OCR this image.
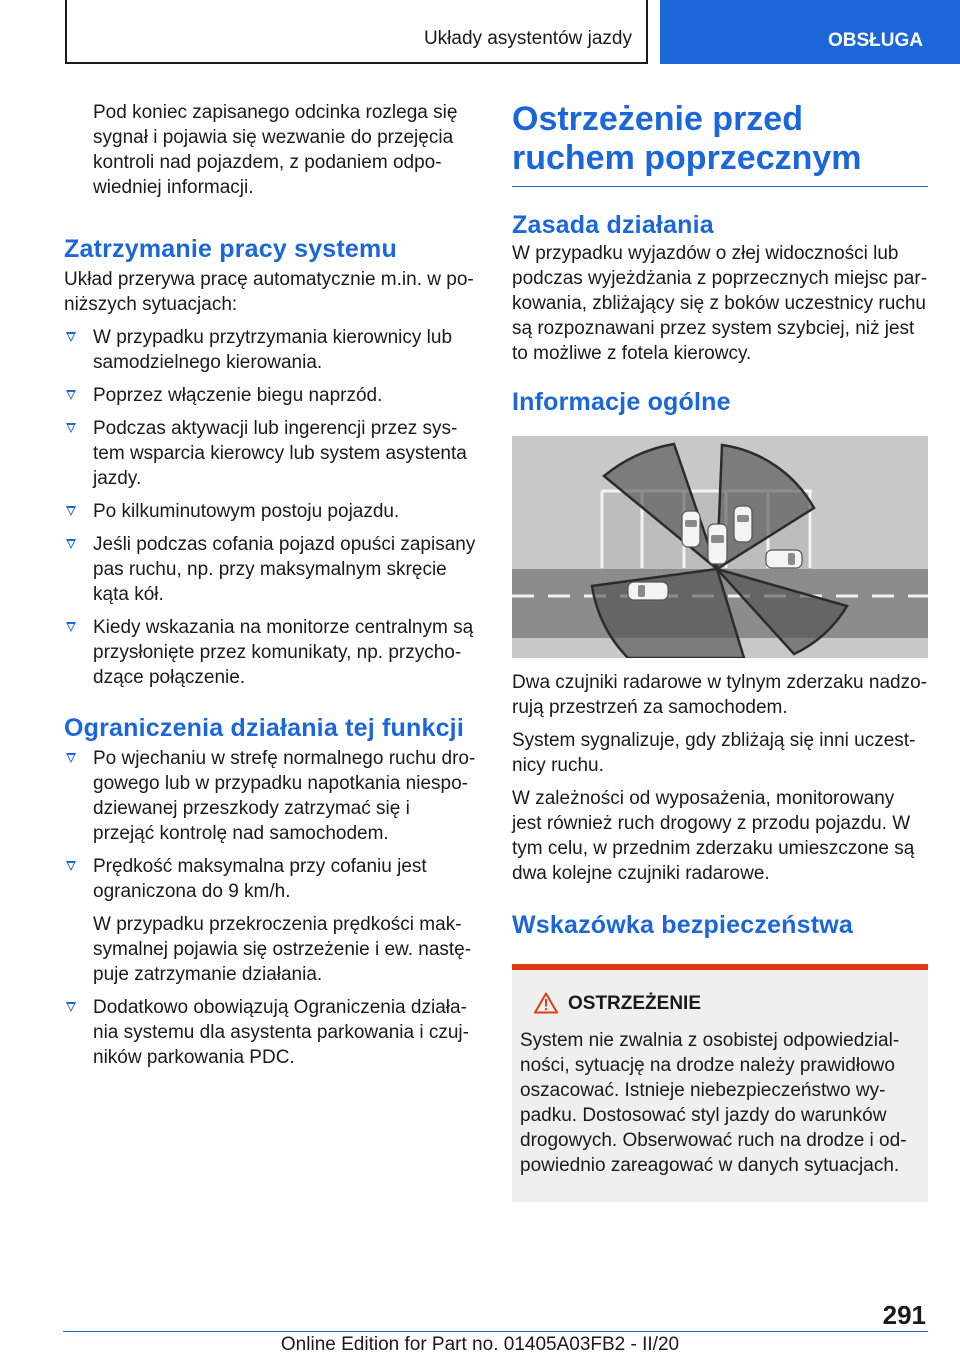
Układy asystentów jazdy	OBSŁUGA

Pod koniec zapisanego odcinka rozlega się sygnał i pojawia się wezwanie do przejęcia kontroli nad pojazdem, z podaniem odpowiedniej informacji.

Zatrzymanie pracy systemu

Układ przerywa pracę automatycznie m.in. w poniższych sytuacjach:

W przypadku przytrzymania kierownicy lub samodzielnego kierowania.
Poprzez włączenie biegu naprzód.
Podczas aktywacji lub ingerencji przez system wsparcia kierowcy lub system asystenta jazdy.
Po kilkuminutowym postoju pojazdu.
Jeśli podczas cofania pojazd opuści zapisany pas ruchu, np. przy maksymalnym skręcie kąta kół.
Kiedy wskazania na monitorze centralnym są przysłonięte przez komunikaty, np. przychodzące połączenie.
Ograniczenia działania tej funkcji
Po wjechaniu w strefę normalnego ruchu drogowego lub w przypadku napotkania niespodziewanej przeszkody zatrzymać się i przejąć kontrolę nad samochodem.
Prędkość maksymalna przy cofaniu jest ograniczona do 9 km/h.
W przypadku przekroczenia prędkości maksymalnej pojawia się ostrzeżenie i ew. następuje zatrzymanie działania.
Dodatkowo obowiązują Ograniczenia działania systemu dla asystenta parkowania i czujników parkowania PDC.
Ostrzeżenie przed ruchem poprzecznym
Zasada działania

W przypadku wyjazdów o złej widoczności lub podczas wyjeżdżania z poprzecznych miejsc parkowania, zbliżający się z boków uczestnicy ruchu są rozpoznawani przez system szybciej, niż jest to możliwe z fotela kierowcy.

Informacje ogólne

Dwa czujniki radarowe w tylnym zderzaku nadzorują przestrzeń za samochodem.

System sygnalizuje, gdy zbliżają się inni uczestnicy ruchu.

W zależności od wyposażenia, monitorowany jest również ruch drogowy z przodu pojazdu. W tym celu, w przednim zderzaku umieszczone są dwa kolejne czujniki radarowe.

Wskazówka bezpieczeństwa
OSTRZEŻENIE
System nie zwalnia z osobistej odpowiedzialności, sytuację na drodze należy prawidłowo oszacować. Istnieje niebezpieczeństwo wypadku. Dostosować styl jazdy do warunków drogowych. Obserwować ruch na drodze i odpowiednio zareagować w danych sytuacjach.
291
Online Edition for Part no. 01405A03FB2 - II/20
